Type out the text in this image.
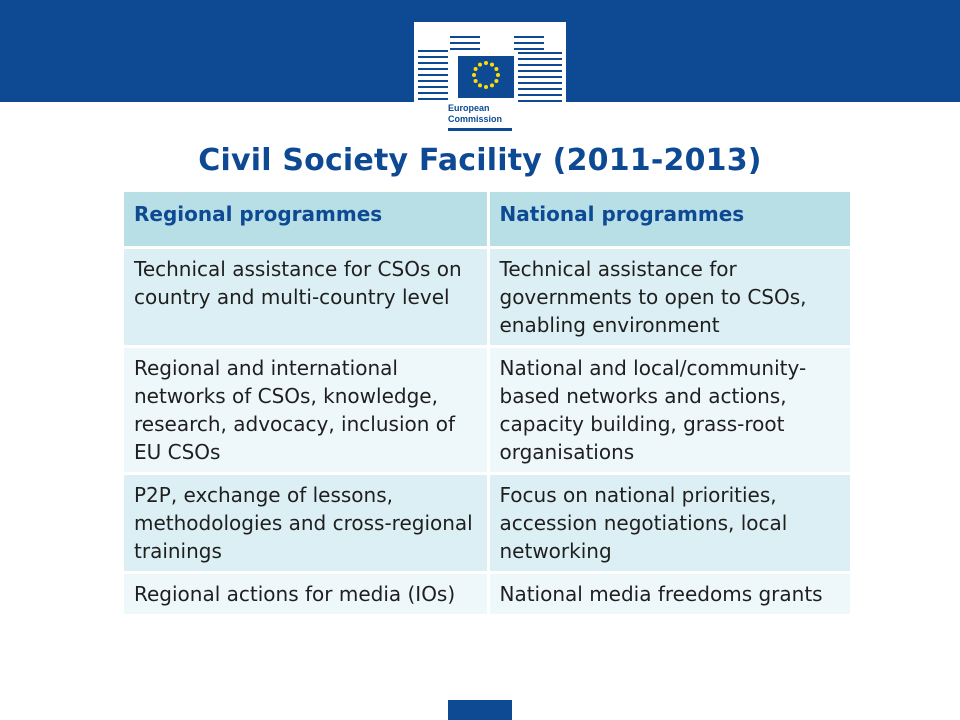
European
Commission
Civil Society Facility (2011-2013)
Regional programmes	National programmes
Technical assistance for CSOs on country and multi-country level	Technical assistance for governments to open to CSOs, enabling environment
Regional and international networks of CSOs, knowledge, research, advocacy, inclusion of EU CSOs	National and local/community-based networks and actions, capacity building, grass-root organisations
P2P, exchange of lessons, methodologies and cross-regional trainings	Focus on national priorities, accession negotiations, local networking
Regional actions for media (IOs)	National media freedoms grants
